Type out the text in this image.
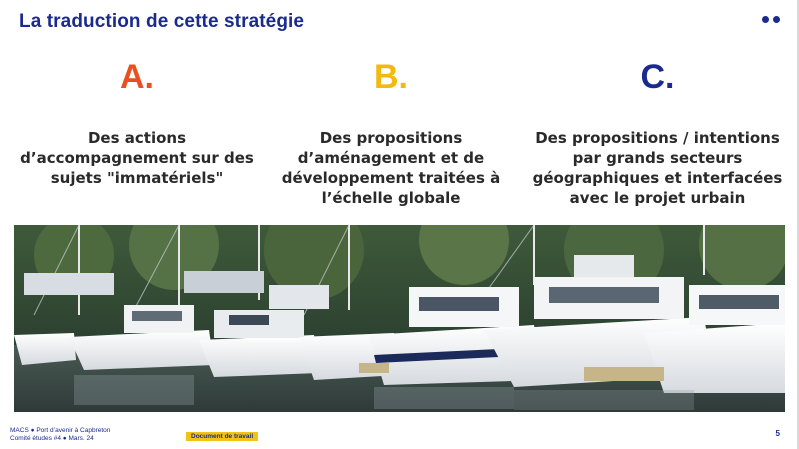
La traduction de cette stratégie
A.
Des actions d’accompagnement sur des sujets "immatériels"
B.
Des propositions d’aménagement et de développement traitées à l’échelle globale
C.
Des propositions / intentions par grands secteurs géographiques et interfacées avec le projet urbain
MACS ● Port d’avenir à Capbreton
Comité études #4 ● Mars. 24	Document de travail	5
